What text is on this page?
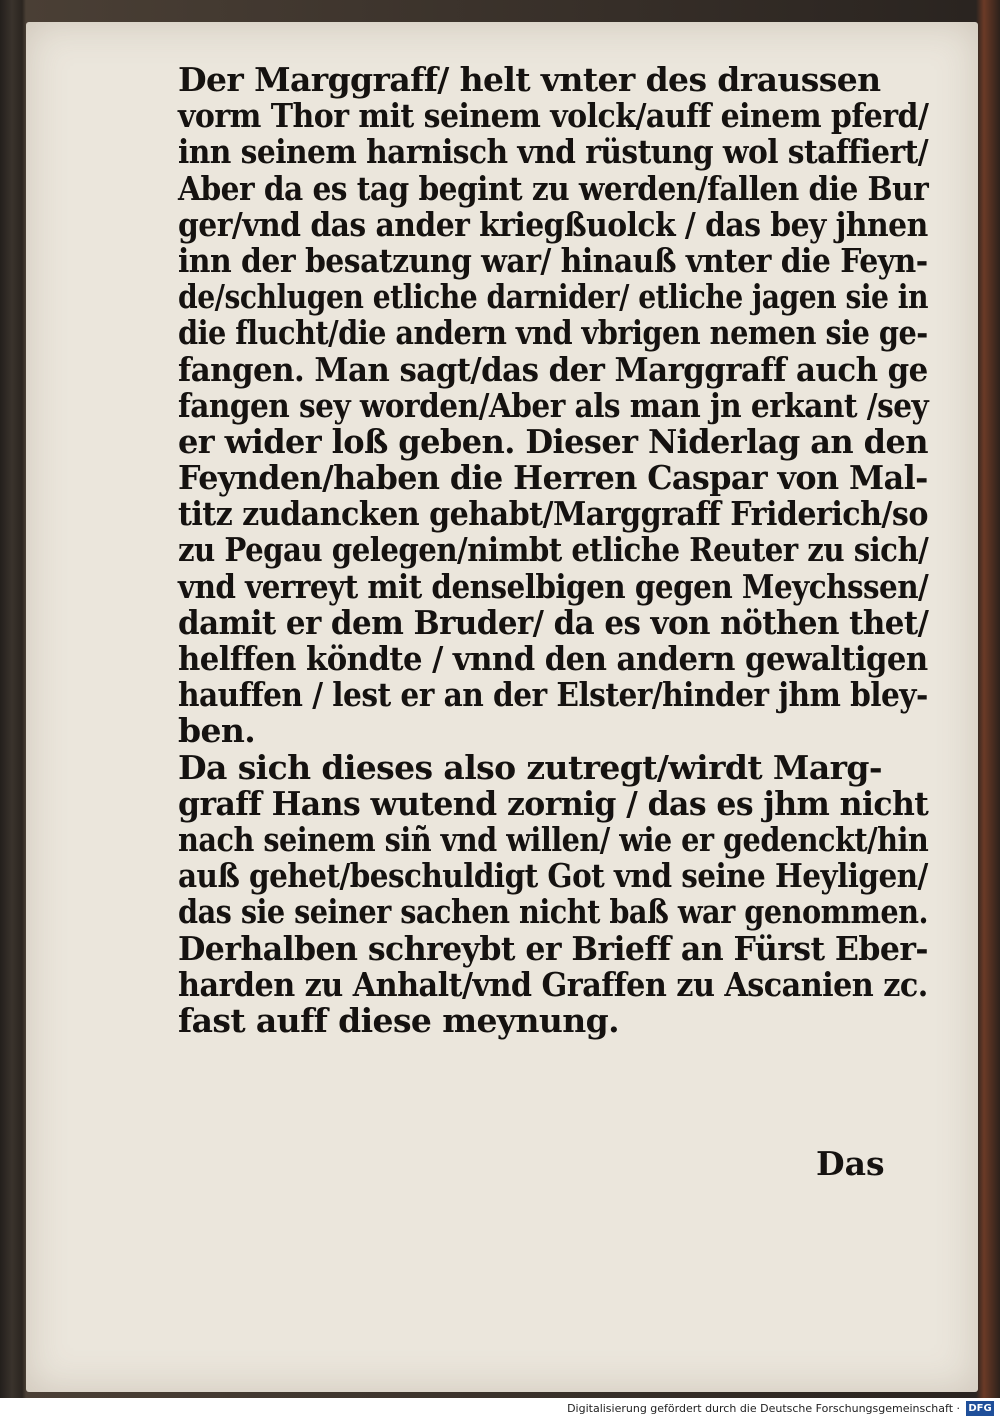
Der Marggraff/ helt vnter des draussen
vorm Thor mit seinem volck/auff einem pferd/
inn seinem harnisch vnd rüstung wol staffiert/
Aber da es tag begint zu werden/fallen die Bur
ger/vnd das ander kriegßuolck / das bey jhnen
inn der besatzung war/ hinauß vnter die Feyn-
de/schlugen etliche darnider/ etliche jagen sie in
die flucht/die andern vnd vbrigen nemen sie ge-
fangen. Man sagt/das der Marggraff auch ge
fangen sey worden/Aber als man jn erkant /sey
er wider loß geben. Dieser Niderlag an den
Feynden/haben die Herren Caspar von Mal-
titz zudancken gehabt/Marggraff Friderich/so
zu Pegau gelegen/nimbt etliche Reuter zu sich/
vnd verreyt mit denselbigen gegen Meychssen/
damit er dem Bruder/ da es von nöthen thet/
helffen köndte / vnnd den andern gewaltigen
hauffen / lest er an der Elster/hinder jhm bley-
ben.
Da sich dieses also zutregt/wirdt Marg-
graff Hans wutend zornig / das es jhm nicht
nach seinem siñ vnd willen/ wie er gedenckt/hin
auß gehet/beschuldigt Got vnd seine Heyligen/
das sie seiner sachen nicht baß war genommen.
Derhalben schreybt er Brieff an Fürst Eber-
harden zu Anhalt/vnd Graffen zu Ascanien zc.
fast auff diese meynung.
Das
Digitalisierung gefördert durch die Deutsche Forschungsgemeinschaft · DFG
